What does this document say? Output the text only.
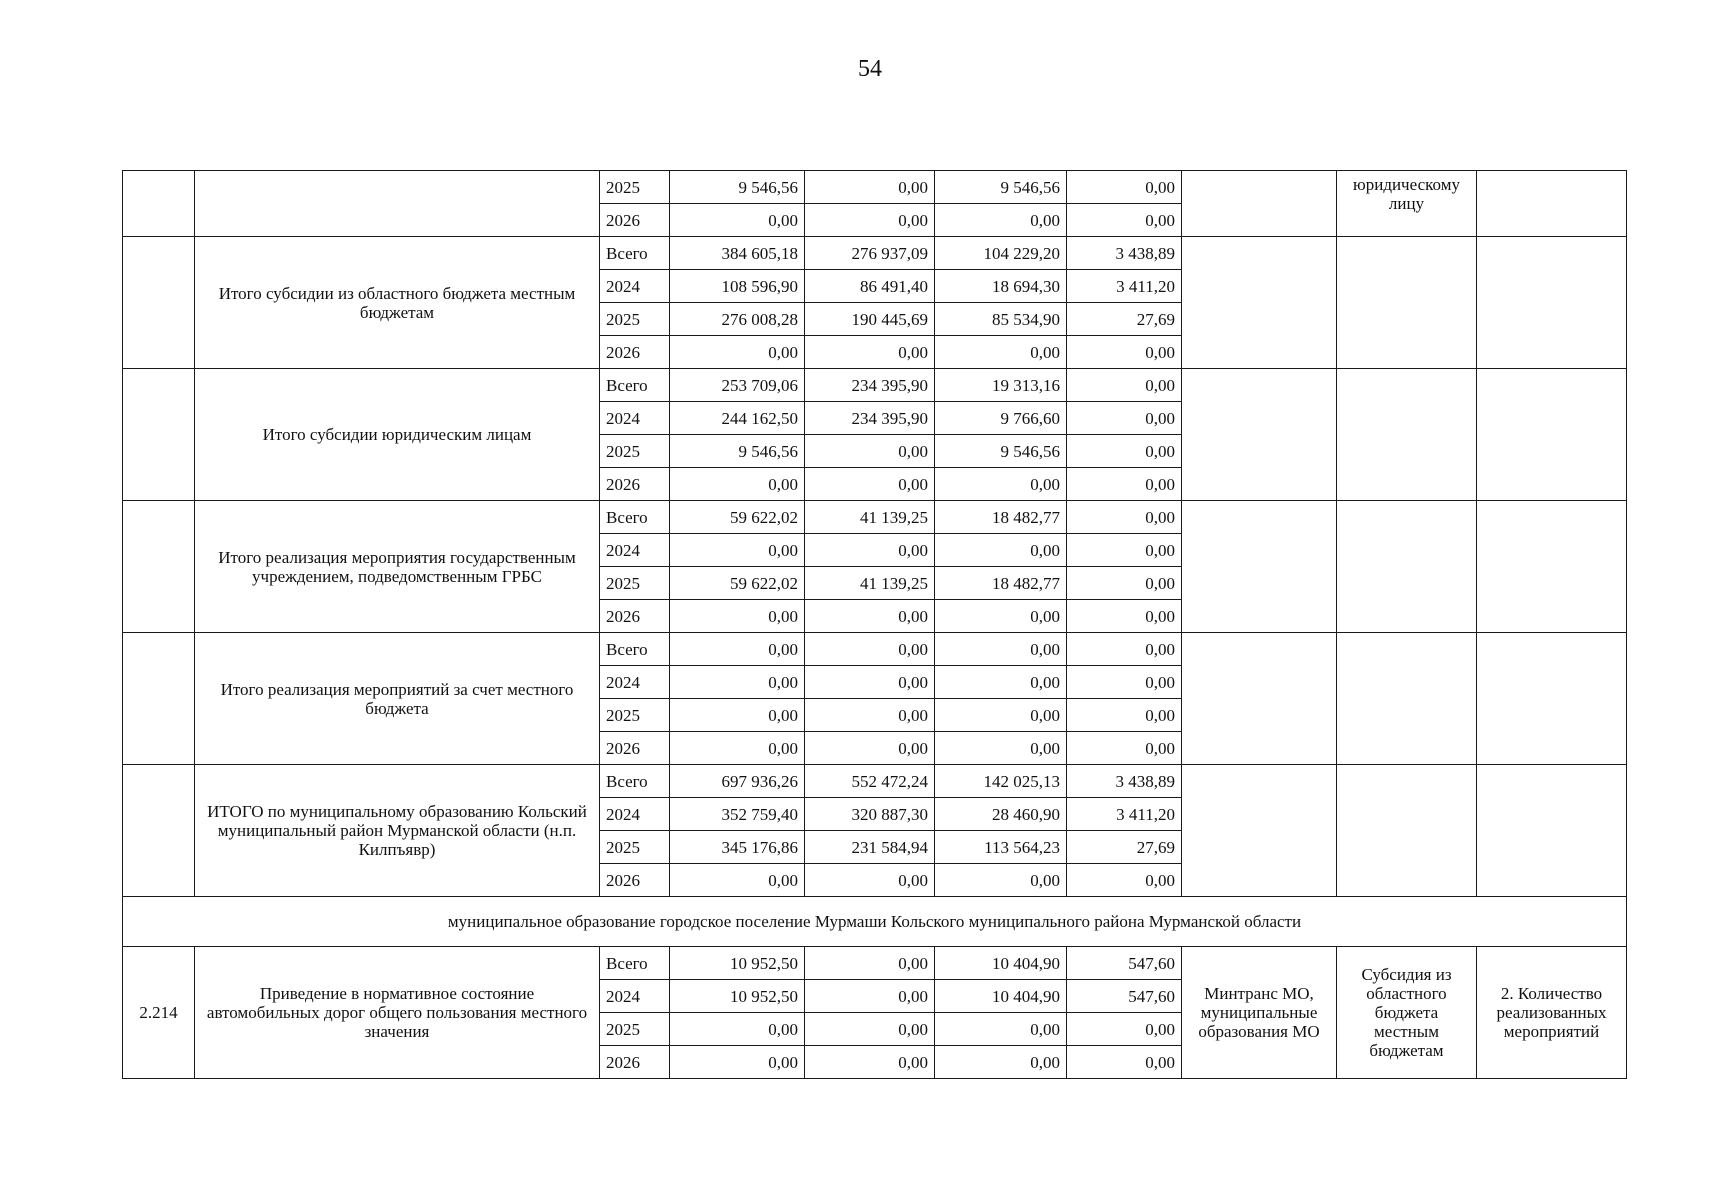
54
		2025	9 546,56	0,00	9 546,56	0,00		юридическому лицу	
		2026	0,00	0,00	0,00	0,00			
	Итого субсидии из областного бюджета местным бюджетам	Всего	384 605,18	276 937,09	104 229,20	3 438,89			
		2024	108 596,90	86 491,40	18 694,30	3 411,20			
		2025	276 008,28	190 445,69	85 534,90	27,69			
		2026	0,00	0,00	0,00	0,00			
	Итого субсидии юридическим лицам	Всего	253 709,06	234 395,90	19 313,16	0,00			
		2024	244 162,50	234 395,90	9 766,60	0,00			
		2025	9 546,56	0,00	9 546,56	0,00			
		2026	0,00	0,00	0,00	0,00			
	Итого реализация мероприятия государственным учреждением, подведомственным ГРБС	Всего	59 622,02	41 139,25	18 482,77	0,00			
		2024	0,00	0,00	0,00	0,00			
		2025	59 622,02	41 139,25	18 482,77	0,00			
		2026	0,00	0,00	0,00	0,00			
	Итого реализация мероприятий за счет местного бюджета	Всего	0,00	0,00	0,00	0,00			
		2024	0,00	0,00	0,00	0,00			
		2025	0,00	0,00	0,00	0,00			
		2026	0,00	0,00	0,00	0,00			
	ИТОГО по муниципальному образованию Кольский муниципальный район Мурманской области (н.п. Килпъявр)	Всего	697 936,26	552 472,24	142 025,13	3 438,89			
		2024	352 759,40	320 887,30	28 460,90	3 411,20			
		2025	345 176,86	231 584,94	113 564,23	27,69			
		2026	0,00	0,00	0,00	0,00			
муниципальное образование городское поселение Мурмаши Кольского муниципального района Мурманской области									
2.214	Приведение в нормативное состояние автомобильных дорог общего пользования местного значения	Всего	10 952,50	0,00	10 404,90	547,60	Минтранс МО, муниципальные образования МО	Субсидия из областного бюджета местным бюджетам	2. Количество реализованных мероприятий
		2024	10 952,50	0,00	10 404,90	547,60			
		2025	0,00	0,00	0,00	0,00			
		2026	0,00	0,00	0,00	0,00			
